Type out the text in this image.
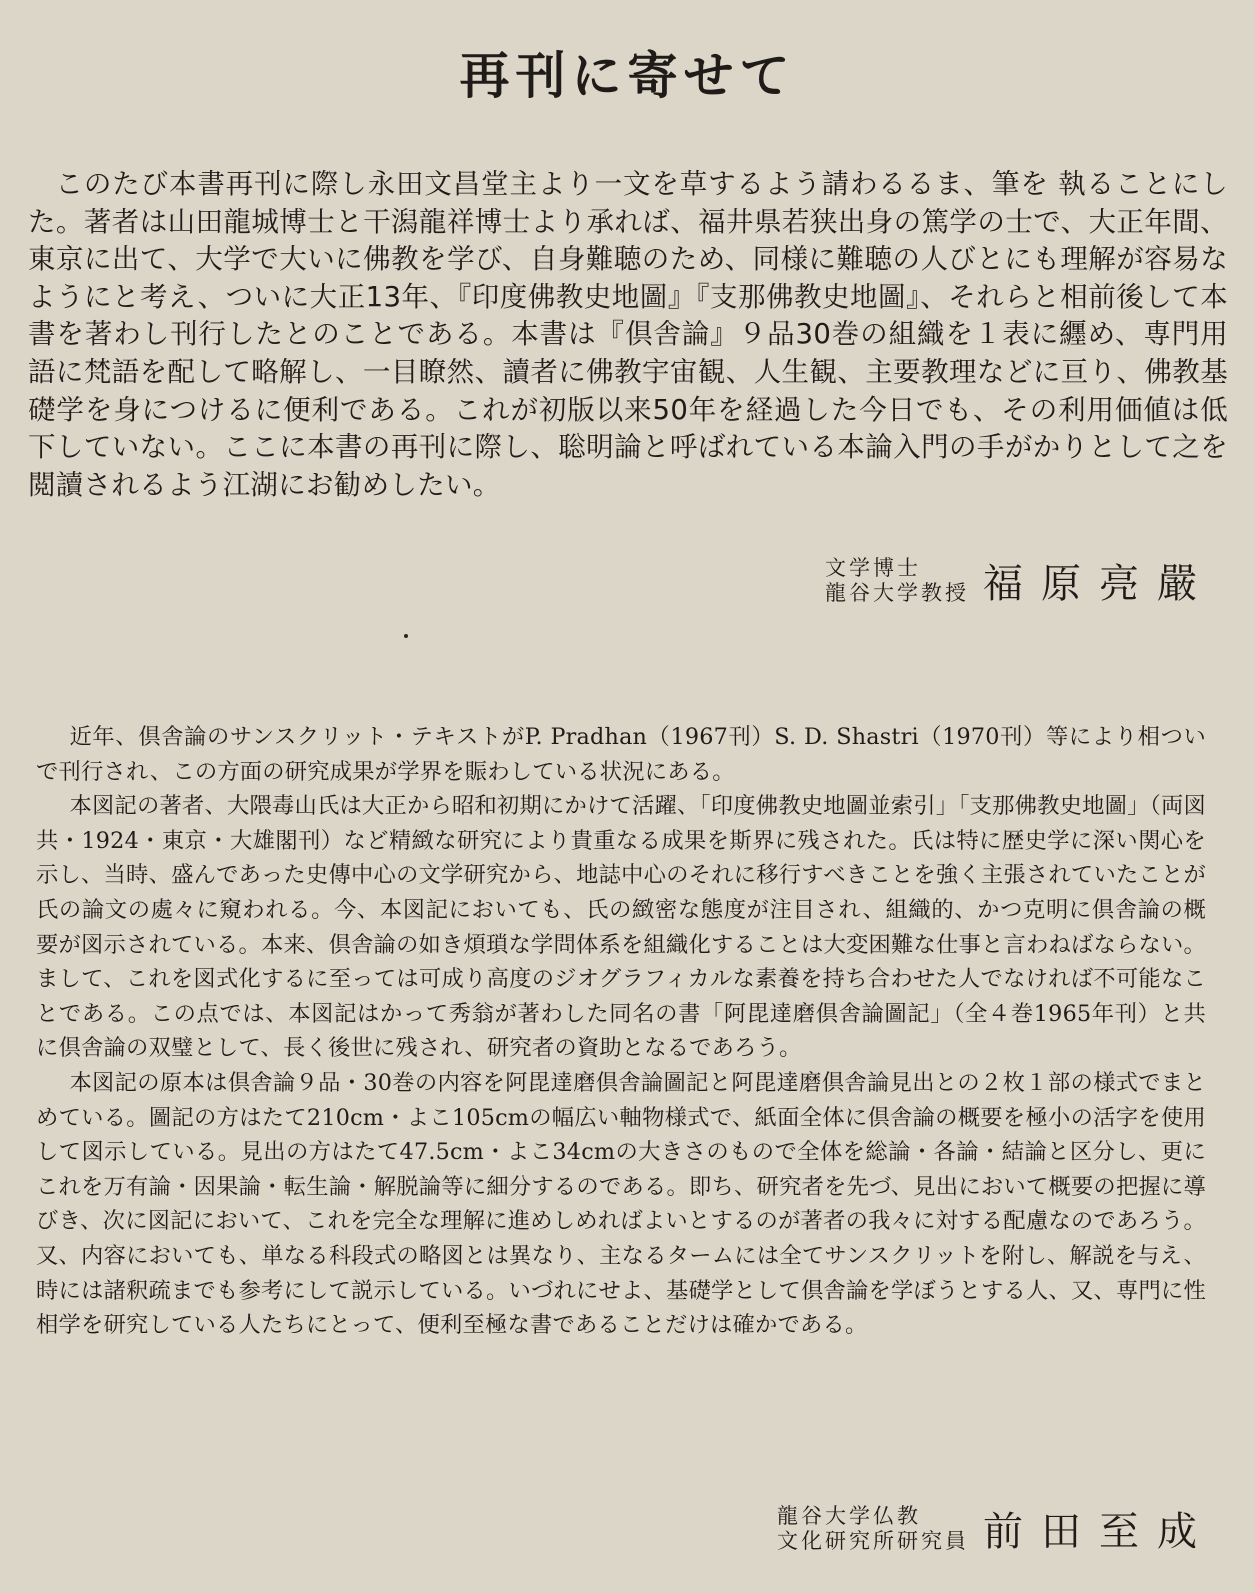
再刊に寄せて

このたび本書再刊に際し永田文昌堂主より一文を草するよう請わるるま、筆を 執ることにした。著者は山田龍城博士と干潟龍祥博士より承れば、福井県若狭出身の篤学の士で、大正年間、東京に出て、大学で大いに佛教を学び、自身難聴のため、同様に難聴の人びとにも理解が容易なようにと考え、ついに大正13年、『印度佛教史地圖』『支那佛教史地圖』、それらと相前後して本書を著わし刊行したとのことである。本書は『倶舎論』９品30巻の組織を１表に纒め、専門用語に梵語を配して略解し、一目瞭然、讀者に佛教宇宙観、人生観、主要教理などに亘り、佛教基礎学を身につけるに便利である。これが初版以来50年を経過した今日でも、その利用価値は低下していない。ここに本書の再刊に際し、聡明論と呼ばれている本論入門の手がかりとして之を閲讀されるよう江湖にお勧めしたい。

文学博士
龍谷大学教授 福原亮嚴

近年、倶舎論のサンスクリット・テキストがP. Pradhan（1967刊）S. D. Shastri（1970刊）等により相ついで刊行され、この方面の研究成果が学界を賑わしている状況にある。

本図記の著者、大隈毒山氏は大正から昭和初期にかけて活躍、「印度佛教史地圖並索引」「支那佛教史地圖」（両図共・1924・東京・大雄閣刊）など精緻な研究により貴重なる成果を斯界に残された。氏は特に歴史学に深い関心を示し、当時、盛んであった史傳中心の文学研究から、地誌中心のそれに移行すべきことを強く主張されていたことが氏の論文の處々に窺われる。今、本図記においても、氏の緻密な態度が注目され、組織的、かつ克明に倶舎論の概要が図示されている。本来、倶舎論の如き煩瑣な学問体系を組織化することは大変困難な仕事と言わねばならない。まして、これを図式化するに至っては可成り高度のジオグラフィカルな素養を持ち合わせた人でなければ不可能なことである。この点では、本図記はかって秀翁が著わした同名の書「阿毘達磨倶舎論圖記」（全４巻1965年刊）と共に倶舎論の双璧として、長く後世に残され、研究者の資助となるであろう。

本図記の原本は倶舎論９品・30巻の内容を阿毘達磨倶舎論圖記と阿毘達磨倶舎論見出との２枚１部の様式でまとめている。圖記の方はたて210cm・よこ105cmの幅広い軸物様式で、紙面全体に倶舎論の概要を極小の活字を使用して図示している。見出の方はたて47.5cm・よこ34cmの大きさのもので全体を総論・各論・結論と区分し、更にこれを万有論・因果論・転生論・解脱論等に細分するのである。即ち、研究者を先づ、見出において概要の把握に導びき、次に図記において、これを完全な理解に進めしめればよいとするのが著者の我々に対する配慮なのであろう。又、内容においても、単なる科段式の略図とは異なり、主なるタームには全てサンスクリットを附し、解説を与え、時には諸釈疏までも参考にして説示している。いづれにせよ、基礎学として倶舎論を学ぼうとする人、又、専門に性相学を研究している人たちにとって、便利至極な書であることだけは確かである。

龍谷大学仏教
文化研究所研究員 前田至成
